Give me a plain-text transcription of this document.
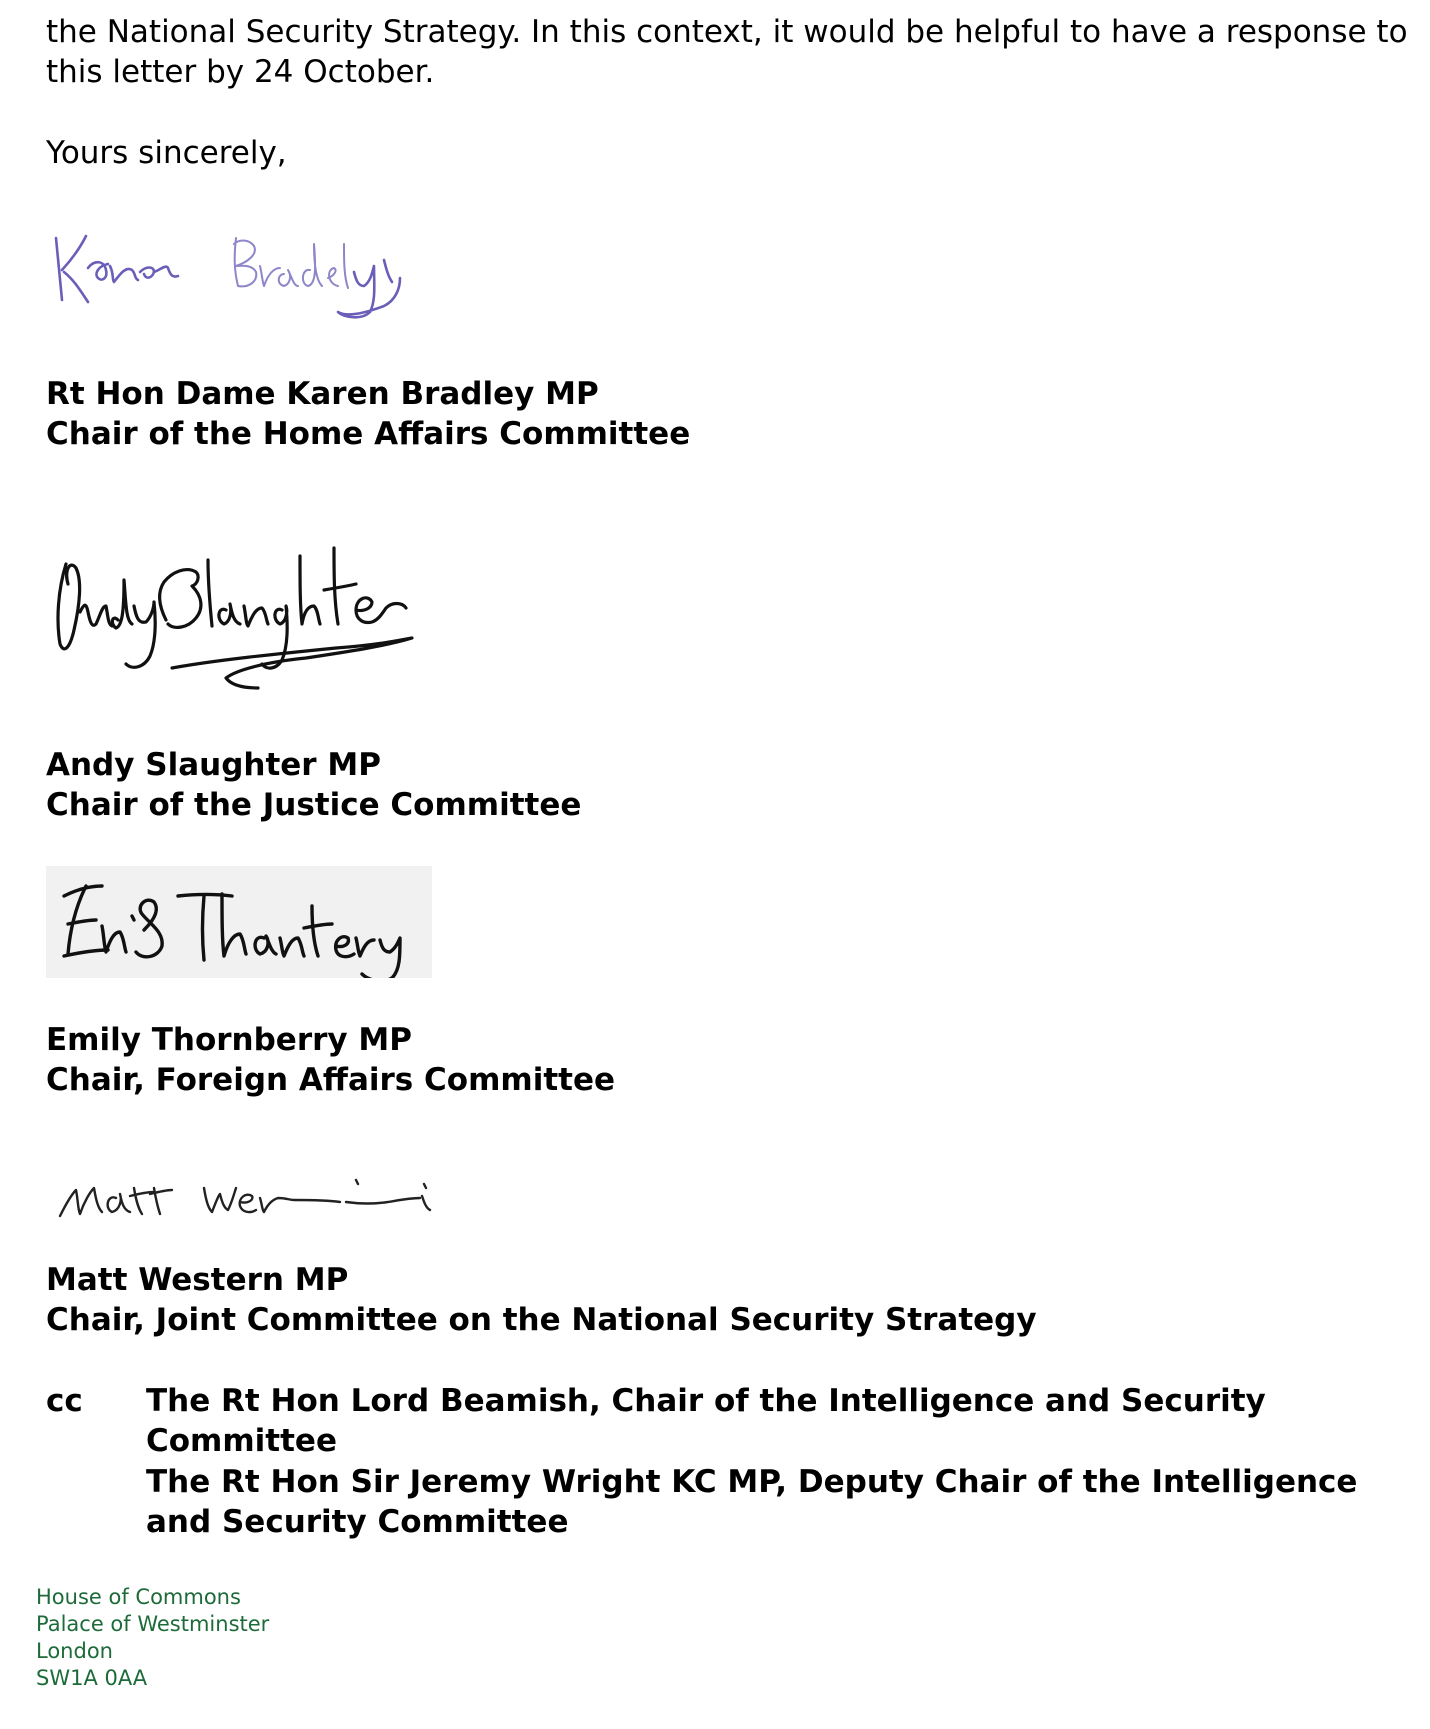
the National Security Strategy. In this context, it would be helpful to have a response to
this letter by 24 October.
Yours sincerely,
Rt Hon Dame Karen Bradley MP
Chair of the Home Affairs Committee
Andy Slaughter MP
Chair of the Justice Committee
Emily Thornberry MP
Chair, Foreign Affairs Committee
Matt Western MP
Chair, Joint Committee on the National Security Strategy
cc The Rt Hon Lord Beamish, Chair of the Intelligence and Security
Committee
The Rt Hon Sir Jeremy Wright KC MP, Deputy Chair of the Intelligence
and Security Committee
House of Commons
Palace of Westminster
London
SW1A 0AA
